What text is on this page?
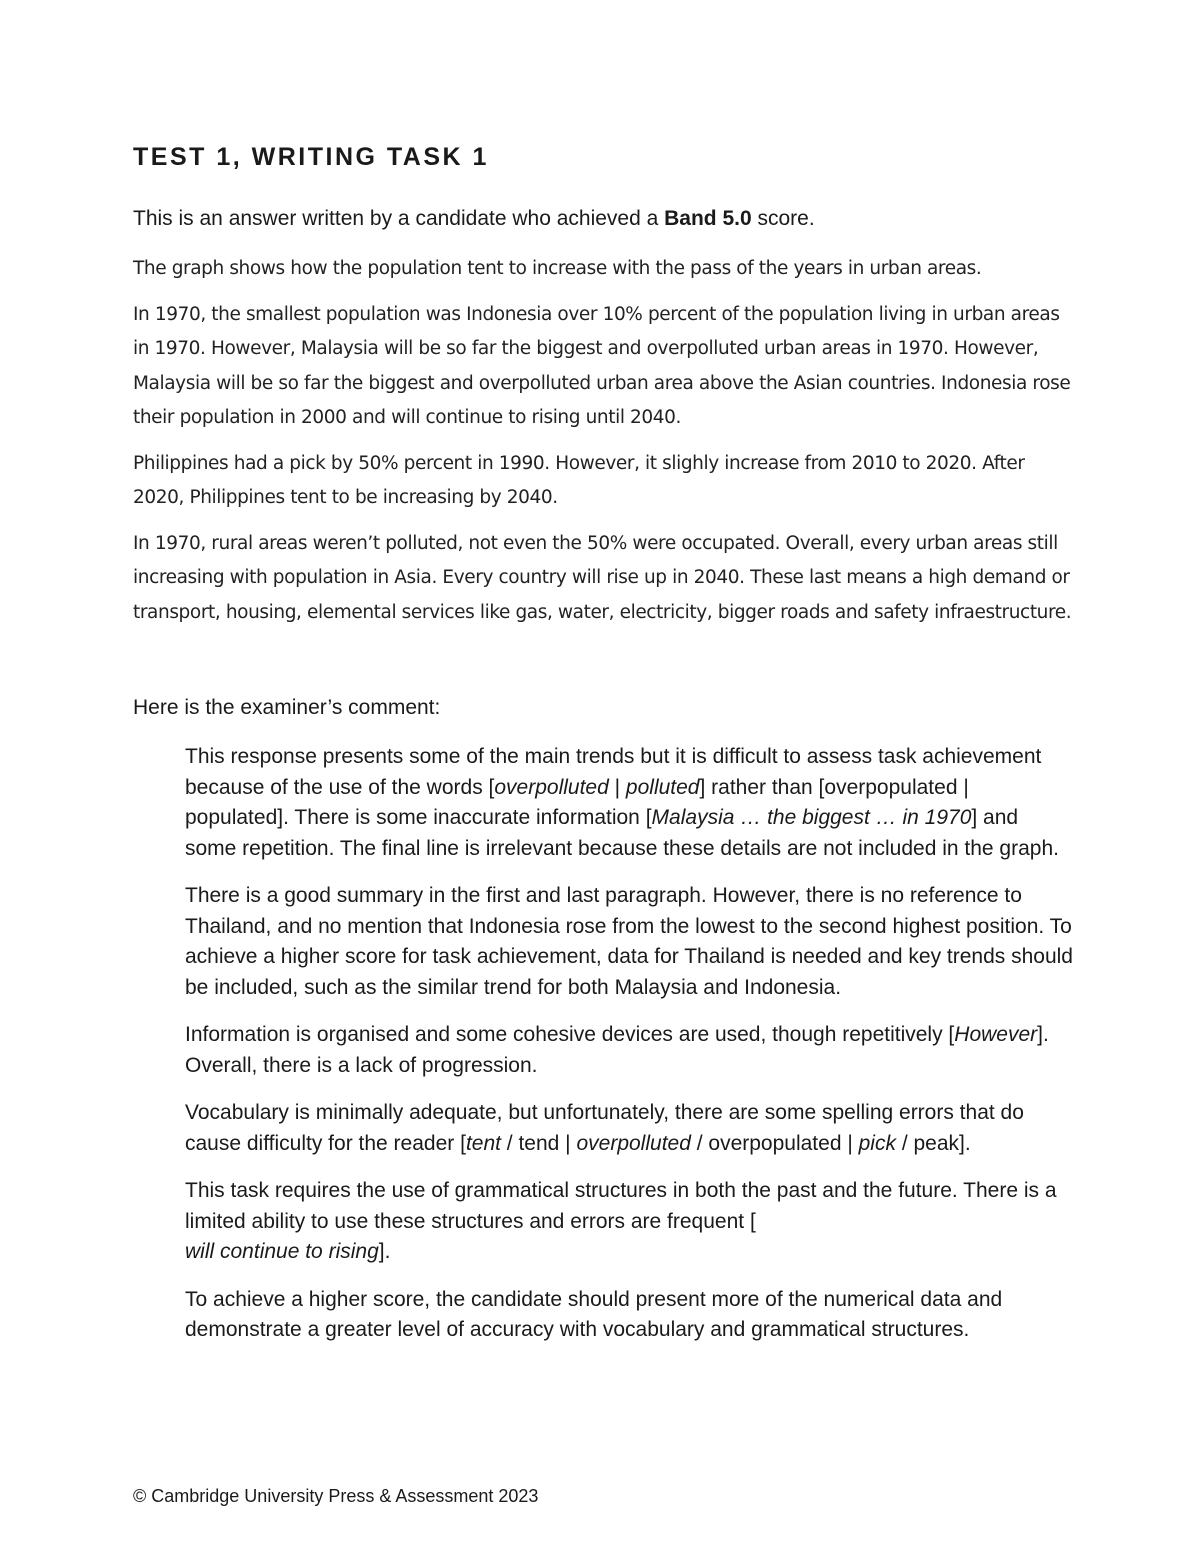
TEST 1, WRITING TASK 1

This is an answer written by a candidate who achieved a Band 5.0 score.

The graph shows how the population tent to increase with the pass of the years in urban areas.

In 1970, the smallest population was Indonesia over 10% percent of the population living in urban areas in 1970. However, Malaysia will be so far the biggest and overpolluted urban areas in 1970. However, Malaysia will be so far the biggest and overpolluted urban area above the Asian countries. Indonesia rose their population in 2000 and will continue to rising until 2040.

Philippines had a pick by 50% percent in 1990. However, it slighly increase from 2010 to 2020. After 2020, Philippines tent to be increasing by 2040.

In 1970, rural areas weren’t polluted, not even the 50% were occupated. Overall, every urban areas still increasing with population in Asia. Every country will rise up in 2040. These last means a high demand or transport, housing, elemental services like gas, water, electricity, bigger roads and safety infraestructure.

Here is the examiner’s comment:

This response presents some of the main trends but it is difficult to assess task achievement because of the use of the words [overpolluted | polluted] rather than [overpopulated | populated]. There is some inaccurate information [Malaysia … the biggest … in 1970] and some repetition. The final line is irrelevant because these details are not included in the graph.

There is a good summary in the first and last paragraph. However, there is no reference to Thailand, and no mention that Indonesia rose from the lowest to the second highest position. To achieve a higher score for task achievement, data for Thailand is needed and key trends should be included, such as the similar trend for both Malaysia and Indonesia.

Information is organised and some cohesive devices are used, though repetitively [However]. Overall, there is a lack of progression.

Vocabulary is minimally adequate, but unfortunately, there are some spelling errors that do cause difficulty for the reader [tent / tend | overpolluted / overpopulated | pick / peak].

This task requires the use of grammatical structures in both the past and the future. There is a limited ability to use these structures and errors are frequent [
will continue to rising].

To achieve a higher score, the candidate should present more of the numerical data and demonstrate a greater level of accuracy with vocabulary and grammatical structures.

© Cambridge University Press & Assessment 2023
